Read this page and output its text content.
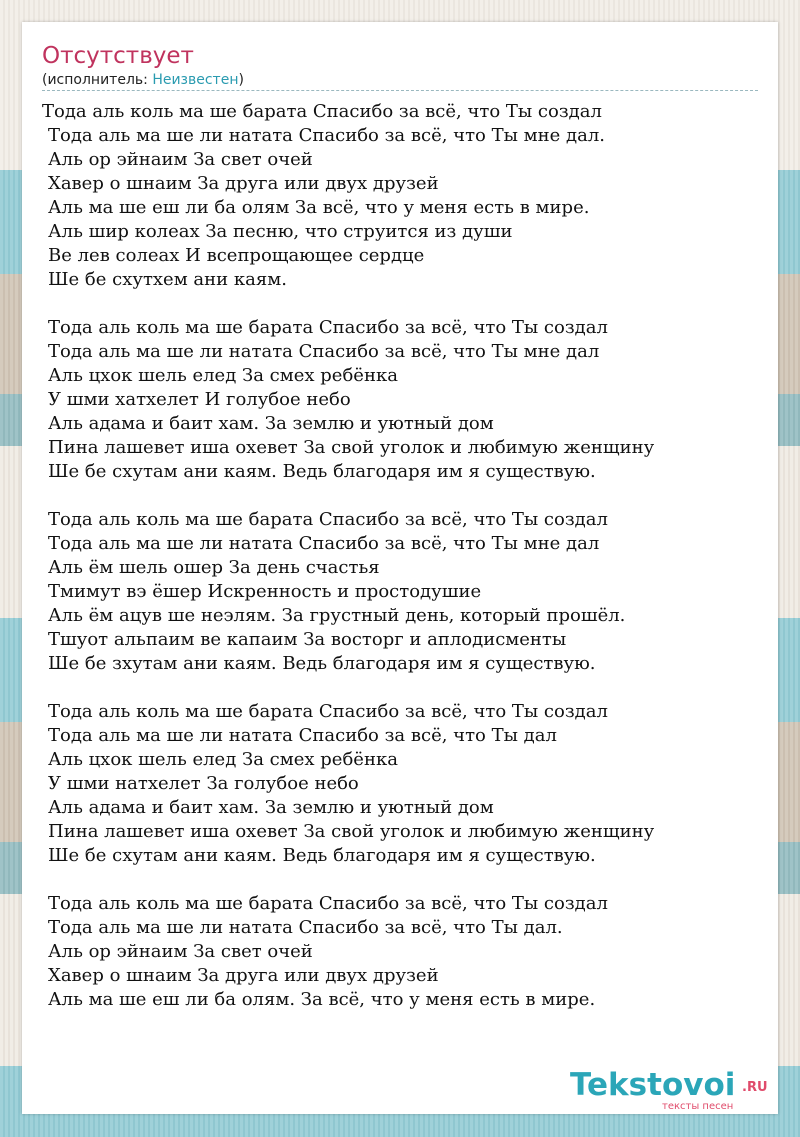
Отсутствует
(исполнитель: Неизвестен)
Тода аль коль ма ше барата Спасибо за всё, что Ты создал
Тода аль ма ше ли натата Спасибо за всё, что Ты мне дал.
Аль ор эйнаим За свет очей
Хавер о шнаим За друга или двух друзей
Аль ма ше еш ли ба олям За всё, что у меня есть в мире.
Аль шир колеах За песню, что струится из души
Ве лев солеах И всепрощающее сердце
Ше бе схутхем ани каям.
Тода аль коль ма ше барата Спасибо за всё, что Ты создал
Тода аль ма ше ли натата Спасибо за всё, что Ты мне дал
Аль цхок шель елед За смех ребёнка
У шми хатхелет И голубое небо
Аль адама и баит хам. За землю и уютный дом
Пина лашевет иша охевет За свой уголок и любимую женщину
Ше бе схутам ани каям. Ведь благодаря им я существую.
Тода аль коль ма ше барата Спасибо за всё, что Ты создал
Тода аль ма ше ли натата Спасибо за всё, что Ты мне дал
Аль ём шель ошер За день счастья
Тмимут вэ ёшер Искренность и простодушие
Аль ём ацув ше неэлям. За грустный день, который прошёл.
Тшуот альпаим ве капаим За восторг и аплодисменты
Ше бе зхутам ани каям. Ведь благодаря им я существую.
Тода аль коль ма ше барата Спасибо за всё, что Ты создал
Тода аль ма ше ли натата Спасибо за всё, что Ты дал
Аль цхок шель елед За смех ребёнка
У шми натхелет За голубое небо
Аль адама и баит хам. За землю и уютный дом
Пина лашевет иша охевет За свой уголок и любимую женщину
Ше бе схутам ани каям. Ведь благодаря им я существую.
Тода аль коль ма ше барата Спасибо за всё, что Ты создал
Тода аль ма ше ли натата Спасибо за всё, что Ты дал.
Аль ор эйнаим За свет очей
Хавер о шнаим За друга или двух друзей
Аль ма ше еш ли ба олям. За всё, что у меня есть в мире.
Tekstovoi .RU
тексты песен
